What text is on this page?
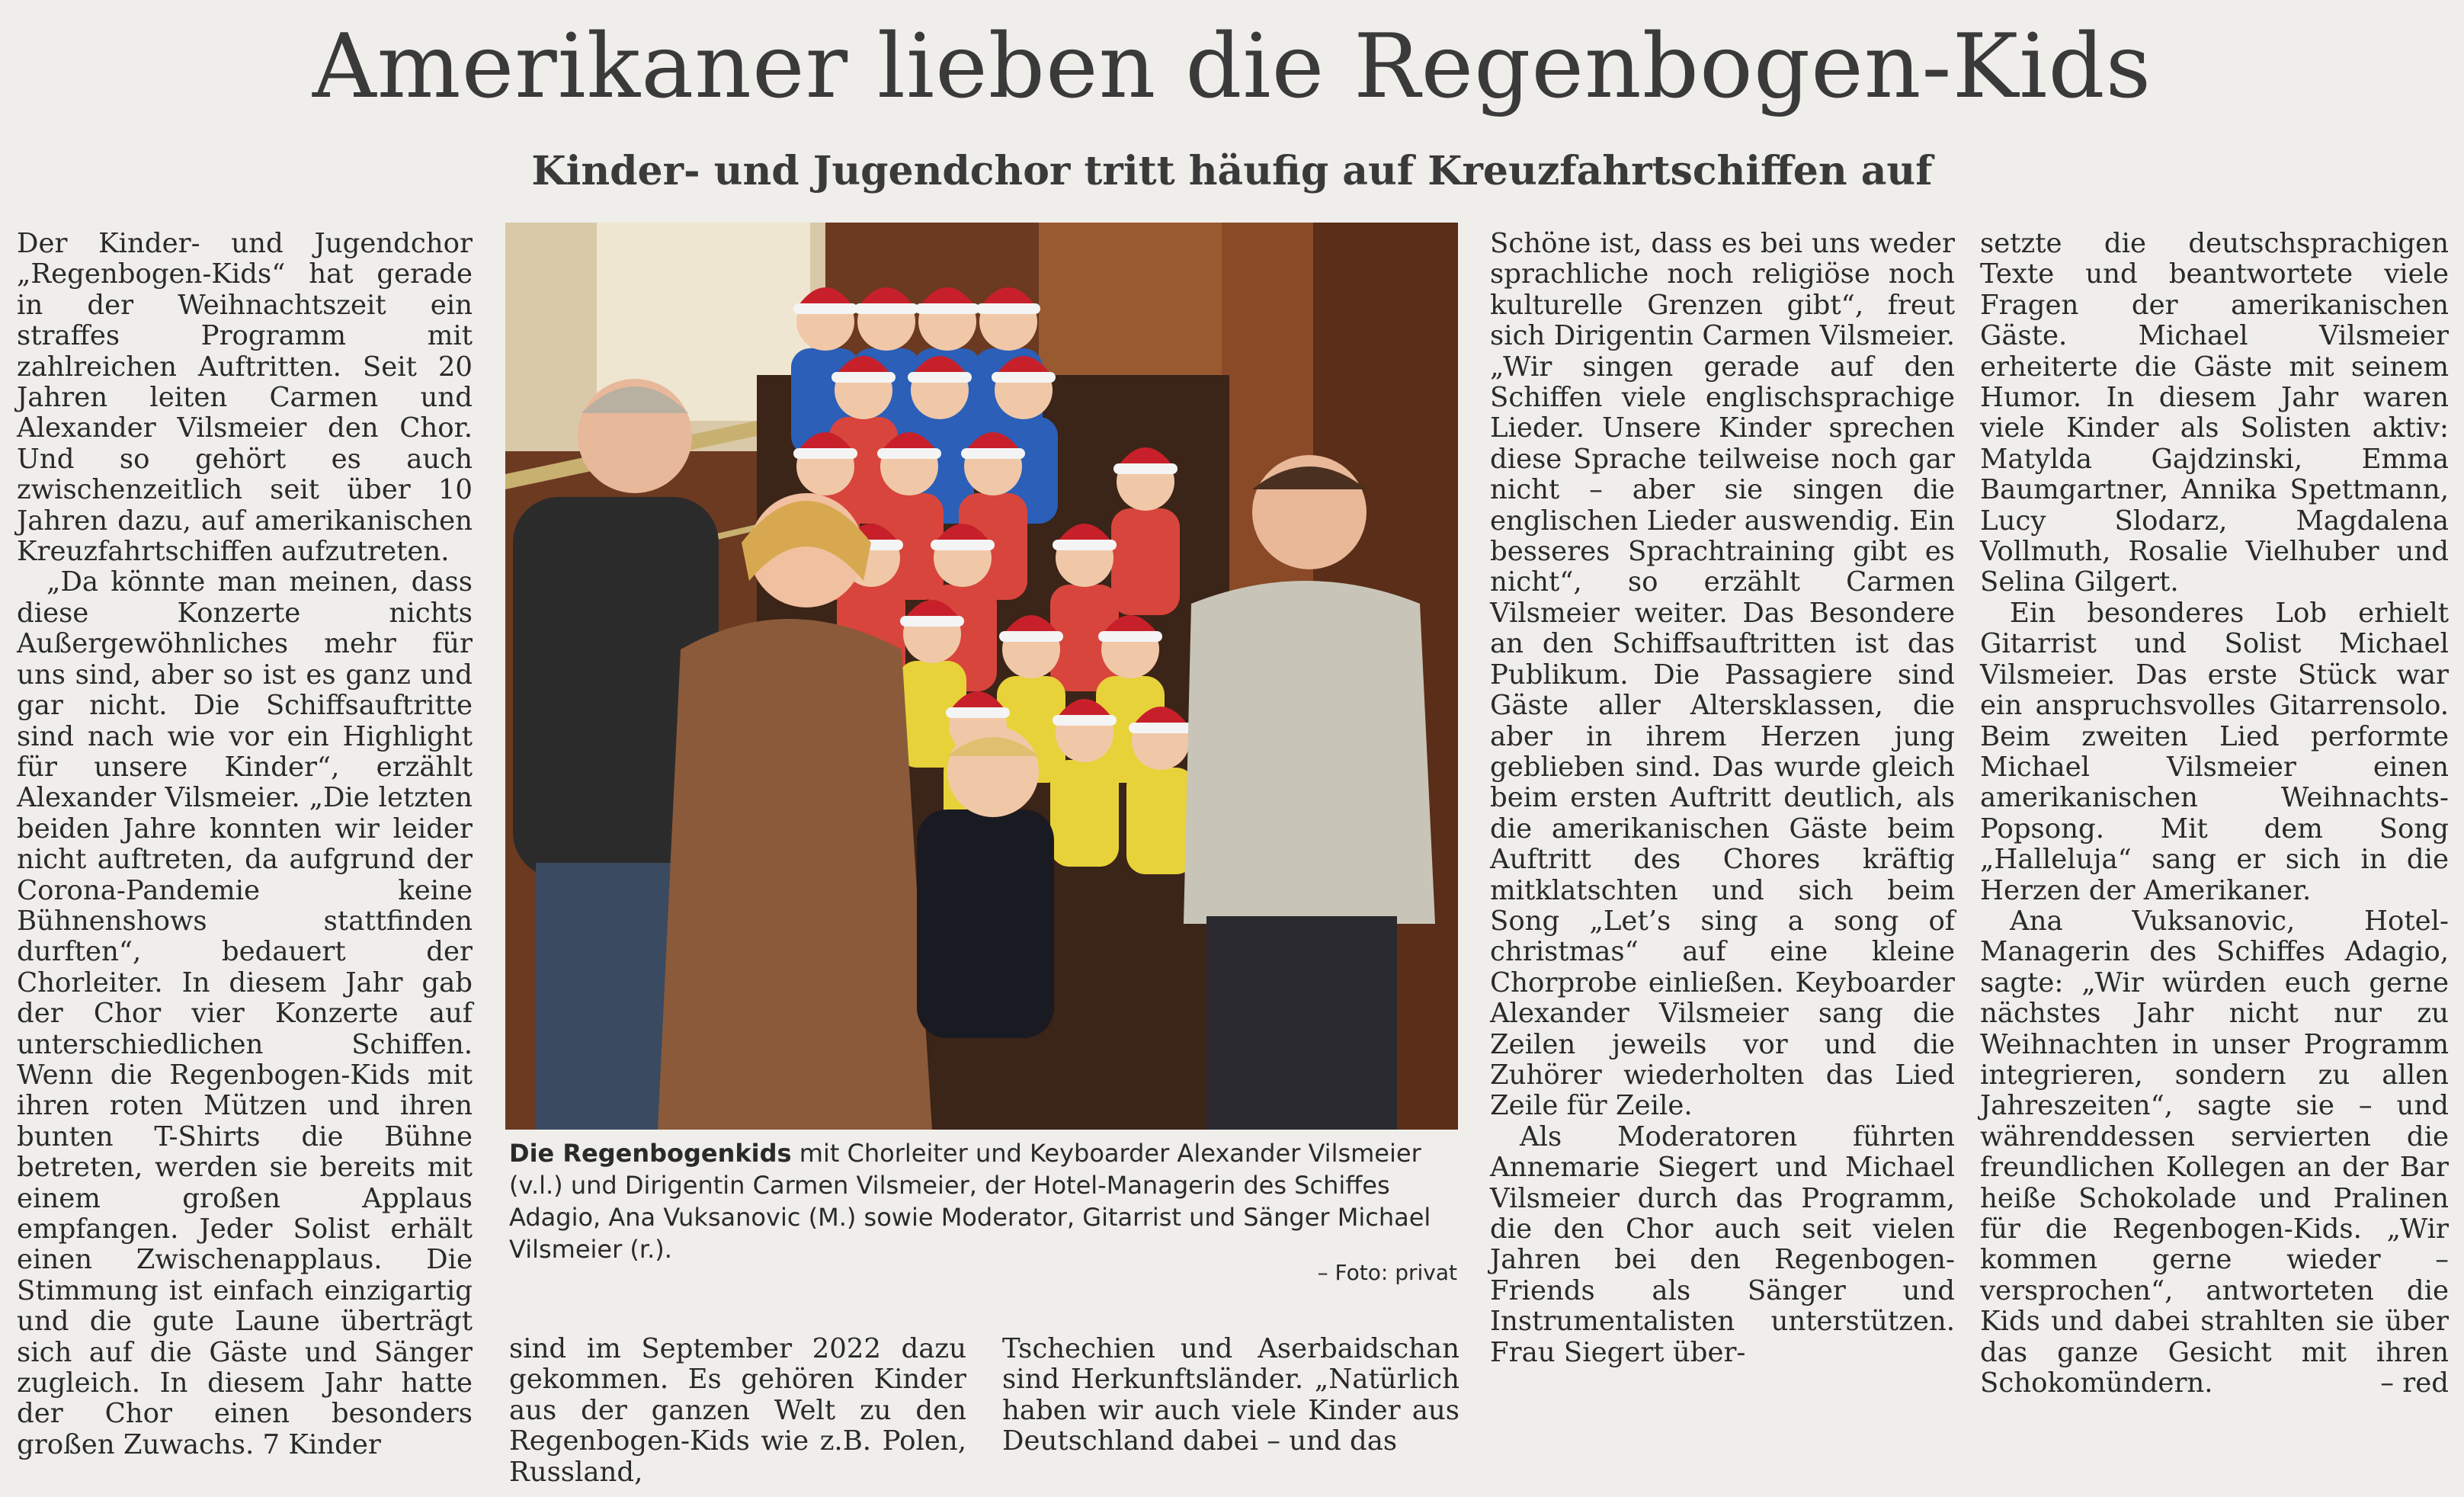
Amerikaner lieben die Regenbogen-Kids
Kinder- und Jugendchor tritt häufig auf Kreuzfahrtschiffen auf

Der Kinder- und Jugendchor „Regenbogen-Kids“ hat gerade in der Weihnachtszeit ein straffes Programm mit zahlreichen Auftritten. Seit 20 Jahren leiten Carmen und Alexander Vilsmeier den Chor. Und so gehört es auch zwischenzeitlich seit über 10 Jahren dazu, auf amerikanischen Kreuzfahrtschiffen aufzutreten.

„Da könnte man meinen, dass diese Konzerte nichts Außergewöhnliches mehr für uns sind, aber so ist es ganz und gar nicht. Die Schiffsauftritte sind nach wie vor ein Highlight für unsere Kinder“, erzählt Alexander Vilsmeier. „Die letzten beiden Jahre konnten wir leider nicht auftreten, da aufgrund der Corona-Pandemie keine Bühnenshows stattfinden durften“, bedauert der Chorleiter. In diesem Jahr gab der Chor vier Konzerte auf unterschiedlichen Schiffen. Wenn die Regenbogen-Kids mit ihren roten Mützen und ihren bunten T-Shirts die Bühne betreten, werden sie bereits mit einem großen Applaus empfangen. Jeder Solist erhält einen Zwischenapplaus. Die Stimmung ist einfach einzigartig und die gute Laune überträgt sich auf die Gäste und Sänger zugleich. In diesem Jahr hatte der Chor einen besonders großen Zuwachs. 7 Kinder

Die Regenbogenkids mit Chorleiter und Keyboarder Alexander Vilsmeier (v.l.) und Dirigentin Carmen Vilsmeier, der Hotel-Managerin des Schiffes Adagio, Ana Vuksanovic (M.) sowie Moderator, Gitarrist und Sänger Michael Vilsmeier (r.).

– Foto: privat

sind im September 2022 dazu gekommen. Es gehören Kinder aus der ganzen Welt zu den Regenbogen-Kids wie z.B. Polen, Russland,

Tschechien und Aserbaidschan sind Herkunftsländer. „Natürlich haben wir auch viele Kinder aus Deutschland dabei – und das

Schöne ist, dass es bei uns weder sprachliche noch religiöse noch kulturelle Grenzen gibt“, freut sich Dirigentin Carmen Vilsmeier. „Wir singen gerade auf den Schiffen viele englischsprachige Lieder. Unsere Kinder sprechen diese Sprache teilweise noch gar nicht – aber sie singen die englischen Lieder auswendig. Ein besseres Sprachtraining gibt es nicht“, so erzählt Carmen Vilsmeier weiter. Das Besondere an den Schiffsauftritten ist das Publikum. Die Passagiere sind Gäste aller Altersklassen, die aber in ihrem Herzen jung geblieben sind. Das wurde gleich beim ersten Auftritt deutlich, als die amerikanischen Gäste beim Auftritt des Chores kräftig mitklatschten und sich beim Song „Let’s sing a song of christmas“ auf eine kleine Chorprobe einließen. Keyboarder Alexander Vilsmeier sang die Zeilen jeweils vor und die Zuhörer wiederholten das Lied Zeile für Zeile.

Als Moderatoren führten Annemarie Siegert und Michael Vilsmeier durch das Programm, die den Chor auch seit vielen Jahren bei den Regenbogen-Friends als Sänger und Instrumentalisten unterstützen. Frau Siegert über-

setzte die deutschsprachigen Texte und beantwortete viele Fragen der amerikanischen Gäste. Michael Vilsmeier erheiterte die Gäste mit seinem Humor. In diesem Jahr waren viele Kinder als Solisten aktiv: Matylda Gajdzinski, Emma Baumgartner, Annika Spettmann, Lucy Slodarz, Magdalena Vollmuth, Rosalie Vielhuber und Selina Gilgert.

Ein besonderes Lob erhielt Gitarrist und Solist Michael Vilsmeier. Das erste Stück war ein anspruchsvolles Gitarrensolo. Beim zweiten Lied performte Michael Vilsmeier einen amerikanischen Weihnachts-Popsong. Mit dem Song „Halleluja“ sang er sich in die Herzen der Amerikaner.

Ana Vuksanovic, Hotel-Managerin des Schiffes Adagio, sagte: „Wir würden euch gerne nächstes Jahr nicht nur zu Weihnachten in unser Programm integrieren, sondern zu allen Jahreszeiten“, sagte sie – und währenddessen servierten die freundlichen Kollegen an der Bar heiße Schokolade und Pralinen für die Regenbogen-Kids. „Wir kommen gerne wieder – versprochen“, antworteten die Kids und dabei strahlten sie über das ganze Gesicht mit ihren Schokomündern.	– red
